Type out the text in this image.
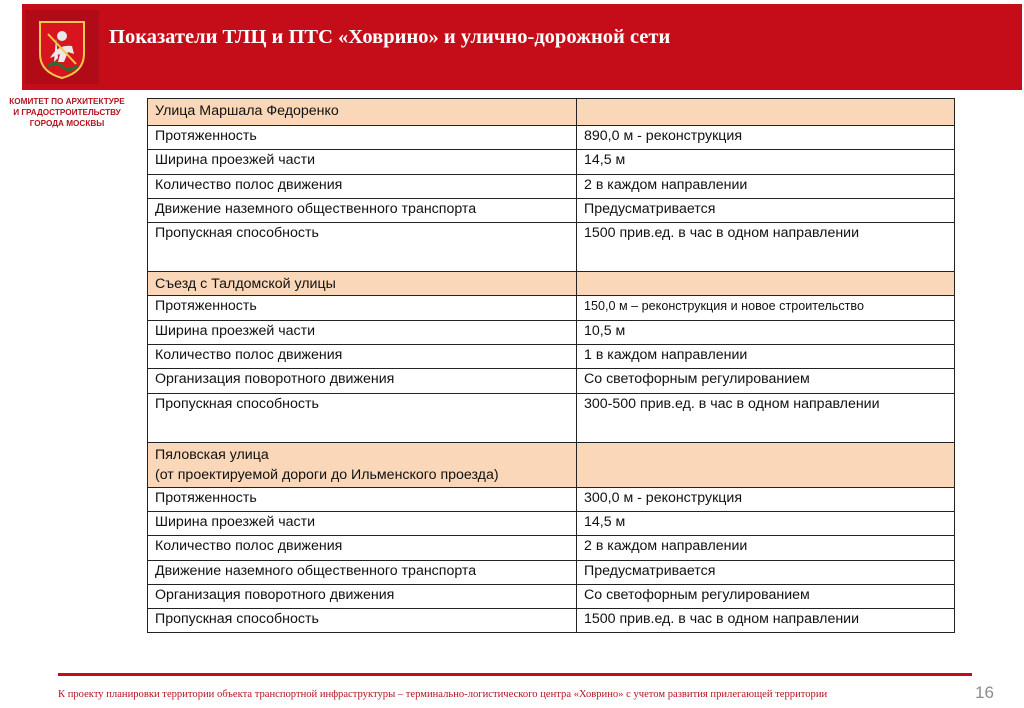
Показатели ТЛЦ и ПТС «Ховрино» и улично-дорожной сети
КОМИТЕТ ПО АРХИТЕКТУРЕ
И ГРАДОСТРОИТЕЛЬСТВУ
ГОРОДА МОСКВЫ
Улица Маршала Федоренко	
Протяженность	890,0 м - реконструкция
Ширина проезжей части	14,5 м
Количество полос движения	2 в каждом направлении
Движение наземного общественного транспорта	Предусматривается
Пропускная способность	1500 прив.ед. в час в одном направлении
Съезд с Талдомской улицы	
Протяженность	150,0 м – реконструкция и новое строительство
Ширина проезжей части	10,5 м
Количество полос движения	1 в каждом направлении
Организация поворотного движения	Со светофорным регулированием
Пропускная способность	300-500 прив.ед. в час в одном направлении
Пяловская улица
(от проектируемой дороги до Ильменского проезда)	
Протяженность	300,0 м - реконструкция
Ширина проезжей части	14,5 м
Количество полос движения	2 в каждом направлении
Движение наземного общественного транспорта	Предусматривается
Организация поворотного движения	Со светофорным регулированием
Пропускная способность	1500 прив.ед. в час в одном направлении
К проекту планировки территории объекта транспортной инфраструктуры – терминально-логистического центра «Ховрино» с учетом развития прилегающей территории	16
